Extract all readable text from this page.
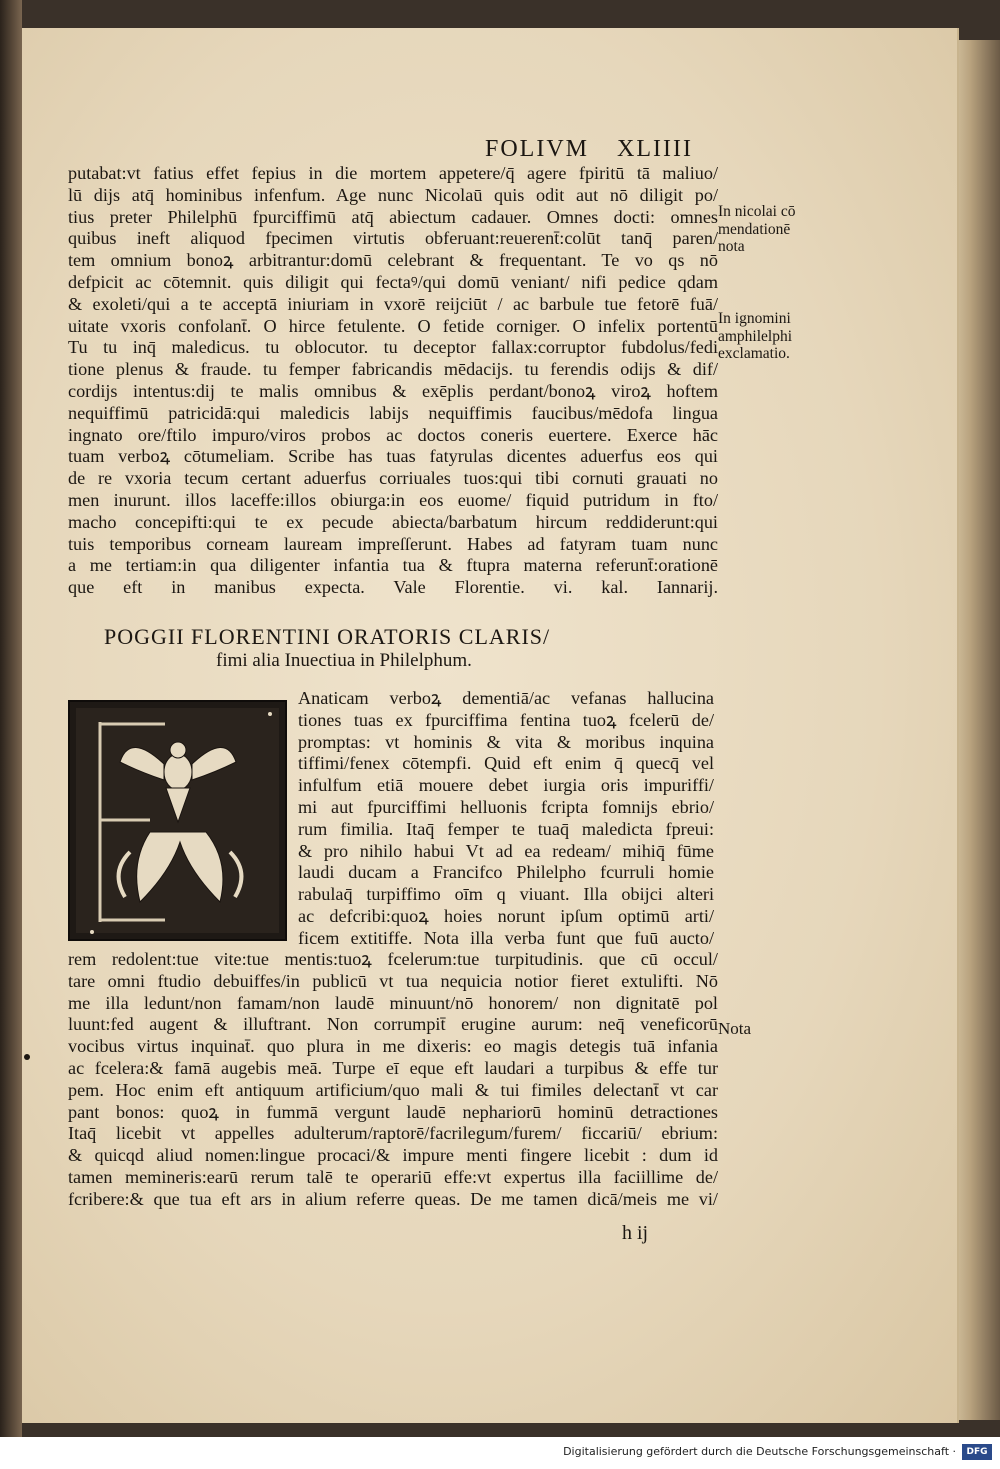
FOLIVM XLIIII
putabat:vt fatius effet fepius in die mortem appetere/q̄ agere fpiritū tā maliuo/
lū dijs atq̄ hominibus infenfum. Age nunc Nicolaū quis odit aut nō diligit po/
tius preter Philelphū fpurciffimū atq̄ abiectum cadauer. Omnes docti: omnes
quibus ineft aliquod fpecimen virtutis obferuant:reuerent̄:colūt tanq̄ paren/
tem omnium bonoꝝ arbitrantur:domū celebrant & frequentant. Te vo qs nō
defpicit ac cōtemnit. quis diligit qui fectaꝰ/qui domū veniant/ nifi pedice qdam
& exoleti/qui a te acceptā iniuriam in vxorē reijciūt / ac barbule tue fetorē fuā/
uitate vxoris confolant̄. O hirce fetulente. O fetide corniger. O infelix portentū
Tu tu inq̄ maledicus. tu oblocutor. tu deceptor fallax:corruptor fubdolus/fedi
tione plenus & fraude. tu femper fabricandis mēdacijs. tu ferendis odijs & dif/
cordijs intentus:dij te malis omnibus & exēplis perdant/bonoꝝ viroꝝ hoftem
nequiffimū patricidā:qui maledicis labijs nequiffimis faucibus/mēdofa lingua
ingnato ore/ftilo impuro/viros probos ac doctos coneris euertere. Exerce hāc
tuam verboꝝ cōtumeliam. Scribe has tuas fatyrulas dicentes aduerfus eos qui
de re vxoria tecum certant aduerfus corriuales tuos:qui tibi cornuti grauati no
men inurunt. illos laceffe:illos obiurga:in eos euome/ fiquid putridum in fto/
macho concepifti:qui te ex pecude abiecta/barbatum hircum reddiderunt:qui
tuis temporibus corneam lauream impreſſerunt. Habes ad fatyram tuam nunc
a me tertiam:in qua diligenter infantia tua & ftupra materna referunt̄:orationē
que eft in manibus expecta. Vale Florentie. vi. kal. Iannarij.
In nicolai cō
mendationē
nota
In ignomini
amphilelphi
exclamatio.
POGGII FLORENTINI ORATORIS CLARIS/
fimi alia Inuectiua in Philelphum.
Anaticam verboꝝ dementiā/ac vefanas hallucina
tiones tuas ex fpurciffima fentina tuoꝝ fcelerū de/
promptas: vt hominis & vita & moribus inquina
tiffimi/fenex cōtempfi. Quid eft enim q̄ quecq̄ vel
infulfum etiā mouere debet iurgia oris impuriffi/
mi aut fpurciffimi helluonis fcripta fomnijs ebrio/
rum fimilia. Itaq̄ femper te tuaq̄ maledicta fpreui:
& pro nihilo habui Vt ad ea redeam/ mihiq̄ fūme
laudi ducam a Francifco Philelpho fcurruli homie
rabulaq̄ turpiffimo oīm q viuant. Illa obijci alteri
ac defcribi:quoꝝ hoies norunt ipſum optimū arti/
ficem extitiffe. Nota illa verba funt que fuū aucto/
rem redolent:tue vite:tue mentis:tuoꝝ fcelerum:tue turpitudinis. que cū occul/
tare omni ftudio debuiffes/in publicū vt tua nequicia notior fieret extulifti. Nō
me illa ledunt/non famam/non laudē minuunt/nō honorem/ non dignitatē pol
luunt:fed augent & illuftrant. Non corrumpit̄ erugine aurum: neq̄ veneficorū
vocibus virtus inquinat̄. quo plura in me dixeris: eo magis detegis tuā infania
ac fcelera:& famā augebis meā. Turpe eī eque eft laudari a turpibus & effe tur
pem. Hoc enim eft antiquum artificium/quo mali & tui fimiles delectant̄ vt car
pant bonos: quoꝝ in fummā vergunt laudē nephariorū hominū detractiones
Itaq̄ licebit vt appelles adulterum/raptorē/facrilegum/furem/ ficcariū/ ebrium:
& quicqd aliud nomen:lingue procaci/& impure menti fingere licebit : dum id
tamen memineris:earū rerum talē te operariū effe:vt expertus illa faciillime de/
fcribere:& que tua eft ars in alium referre queas. De me tamen dicā/meis me vi/
Nota
h ij
Digitalisierung gefördert durch die Deutsche Forschungsgemeinschaft ·	DFG
